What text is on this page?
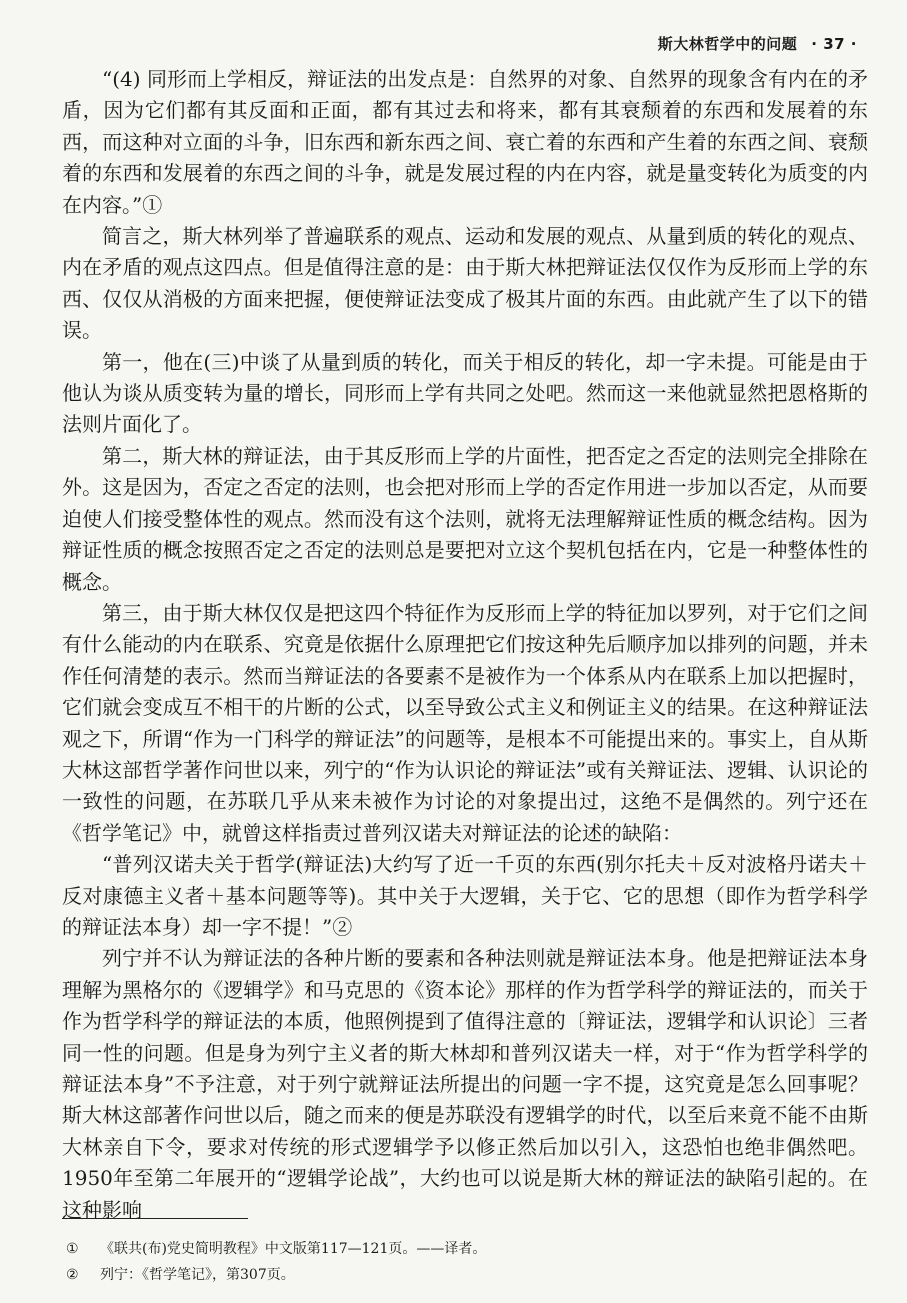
斯大林哲学中的问题 · 37 ·

“(4) 同形而上学相反，辩证法的出发点是：自然界的对象、自然界的现象含有内在的矛盾，因为它们都有其反面和正面，都有其过去和将来，都有其衰颓着的东西和发展着的东西，而这种对立面的斗争，旧东西和新东西之间、衰亡着的东西和产生着的东西之间、衰颓着的东西和发展着的东西之间的斗争，就是发展过程的内在内容，就是量变转化为质变的内在内容。”①

简言之，斯大林列举了普遍联系的观点、运动和发展的观点、从量到质的转化的观点、内在矛盾的观点这四点。但是值得注意的是：由于斯大林把辩证法仅仅作为反形而上学的东西、仅仅从消极的方面来把握，便使辩证法变成了极其片面的东西。由此就产生了以下的错误。

第一，他在(三)中谈了从量到质的转化，而关于相反的转化，却一字未提。可能是由于他认为谈从质变转为量的增长，同形而上学有共同之处吧。然而这一来他就显然把恩格斯的法则片面化了。

第二，斯大林的辩证法，由于其反形而上学的片面性，把否定之否定的法则完全排除在外。这是因为，否定之否定的法则，也会把对形而上学的否定作用进一步加以否定，从而要迫使人们接受整体性的观点。然而没有这个法则，就将无法理解辩证性质的概念结构。因为辩证性质的概念按照否定之否定的法则总是要把对立这个契机包括在内，它是一种整体性的概念。

第三，由于斯大林仅仅是把这四个特征作为反形而上学的特征加以罗列，对于它们之间有什么能动的内在联系、究竟是依据什么原理把它们按这种先后顺序加以排列的问题，并未作任何清楚的表示。然而当辩证法的各要素不是被作为一个体系从内在联系上加以把握时，它们就会变成互不相干的片断的公式，以至导致公式主义和例证主义的结果。在这种辩证法观之下，所谓“作为一门科学的辩证法”的问题等，是根本不可能提出来的。事实上，自从斯大林这部哲学著作问世以来，列宁的“作为认识论的辩证法”或有关辩证法、逻辑、认识论的一致性的问题，在苏联几乎从来未被作为讨论的对象提出过，这绝不是偶然的。列宁还在《哲学笔记》中，就曾这样指责过普列汉诺夫对辩证法的论述的缺陷：

“普列汉诺夫关于哲学(辩证法)大约写了近一千页的东西(别尔托夫＋反对波格丹诺夫＋反对康德主义者＋基本问题等等)。其中关于大逻辑，关于它、它的思想（即作为哲学科学的辩证法本身）却一字不提！”②

列宁并不认为辩证法的各种片断的要素和各种法则就是辩证法本身。他是把辩证法本身理解为黑格尔的《逻辑学》和马克思的《资本论》那样的作为哲学科学的辩证法的，而关于作为哲学科学的辩证法的本质，他照例提到了值得注意的〔辩证法，逻辑学和认识论〕三者同一性的问题。但是身为列宁主义者的斯大林却和普列汉诺夫一样，对于“作为哲学科学的辩证法本身”不予注意，对于列宁就辩证法所提出的问题一字不提，这究竟是怎么回事呢？斯大林这部著作问世以后，随之而来的便是苏联没有逻辑学的时代，以至后来竟不能不由斯大林亲自下令，要求对传统的形式逻辑学予以修正然后加以引入，这恐怕也绝非偶然吧。1950年至第二年展开的“逻辑学论战”，大约也可以说是斯大林的辩证法的缺陷引起的。在这种影响

①	《联共(布)党史简明教程》中文版第117—121页。——译者。
②	列宁：《哲学笔记》，第307页。
